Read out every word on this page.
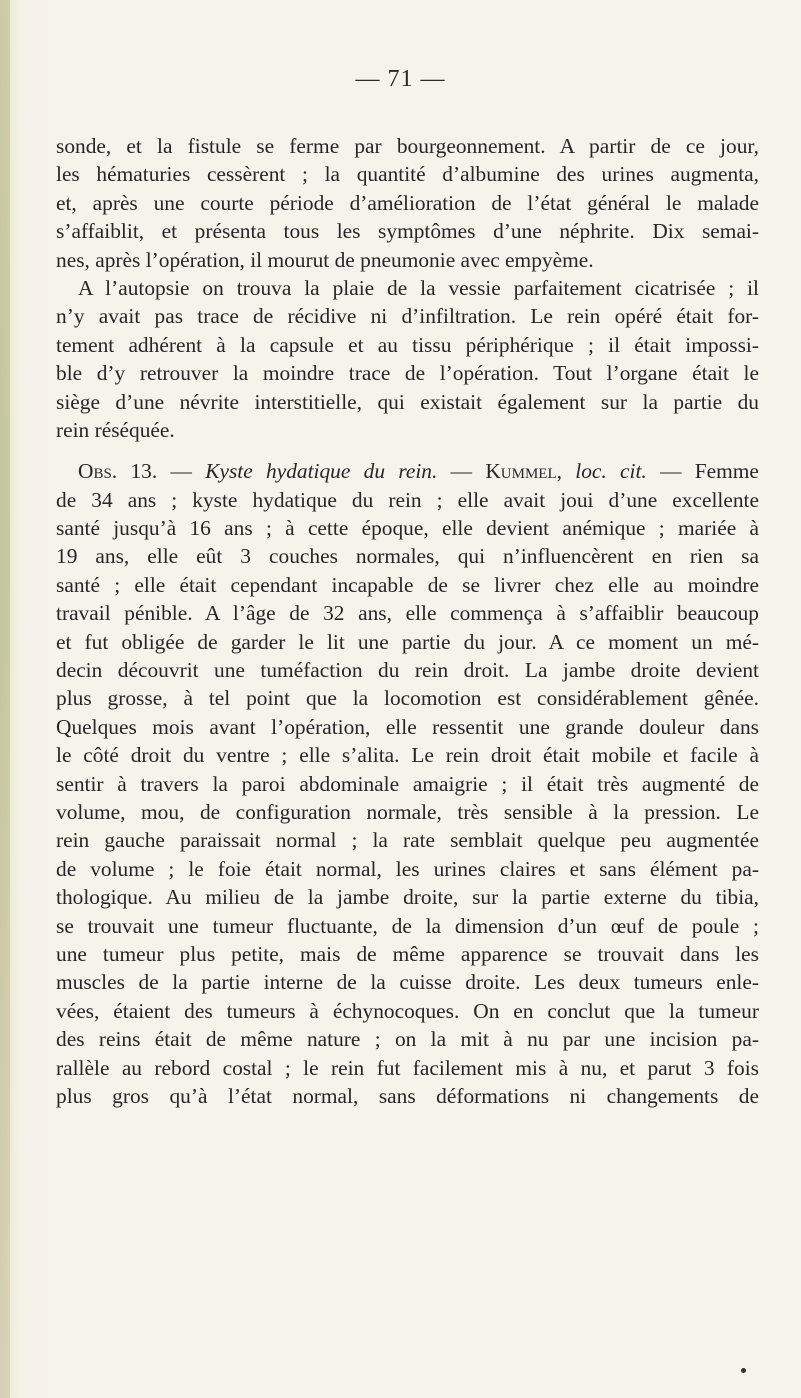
— 71 —
sonde, et la fistule se ferme par bourgeonnement. A partir de ce jour,
les hématuries cessèrent ; la quantité d’albumine des urines augmenta,
et, après une courte période d’amélioration de l’état général le malade
s’affaiblit, et présenta tous les symptômes d’une néphrite. Dix semai-
nes, après l’opération, il mourut de pneumonie avec empyème.
A l’autopsie on trouva la plaie de la vessie parfaitement cicatrisée ; il
n’y avait pas trace de récidive ni d’infiltration. Le rein opéré était for-
tement adhérent à la capsule et au tissu périphérique ; il était impossi-
ble d’y retrouver la moindre trace de l’opération. Tout l’organe était le
siège d’une névrite interstitielle, qui existait également sur la partie du
rein réséquée.
Obs. 13. — Kyste hydatique du rein. — Kummel, loc. cit. — Femme
de 34 ans ; kyste hydatique du rein ; elle avait joui d’une excellente
santé jusqu’à 16 ans ; à cette époque, elle devient anémique ; mariée à
19 ans, elle eût 3 couches normales, qui n’influencèrent en rien sa
santé ; elle était cependant incapable de se livrer chez elle au moindre
travail pénible. A l’âge de 32 ans, elle commença à s’affaiblir beaucoup
et fut obligée de garder le lit une partie du jour. A ce moment un mé-
decin découvrit une tuméfaction du rein droit. La jambe droite devient
plus grosse, à tel point que la locomotion est considérablement gênée.
Quelques mois avant l’opération, elle ressentit une grande douleur dans
le côté droit du ventre ; elle s’alita. Le rein droit était mobile et facile à
sentir à travers la paroi abdominale amaigrie ; il était très augmenté de
volume, mou, de configuration normale, très sensible à la pression. Le
rein gauche paraissait normal ; la rate semblait quelque peu augmentée
de volume ; le foie était normal, les urines claires et sans élément pa-
thologique. Au milieu de la jambe droite, sur la partie externe du tibia,
se trouvait une tumeur fluctuante, de la dimension d’un œuf de poule ;
une tumeur plus petite, mais de même apparence se trouvait dans les
muscles de la partie interne de la cuisse droite. Les deux tumeurs enle-
vées, étaient des tumeurs à échynocoques. On en conclut que la tumeur
des reins était de même nature ; on la mit à nu par une incision pa-
rallèle au rebord costal ; le rein fut facilement mis à nu, et parut 3 fois
plus gros qu’à l’état normal, sans déformations ni changements de
